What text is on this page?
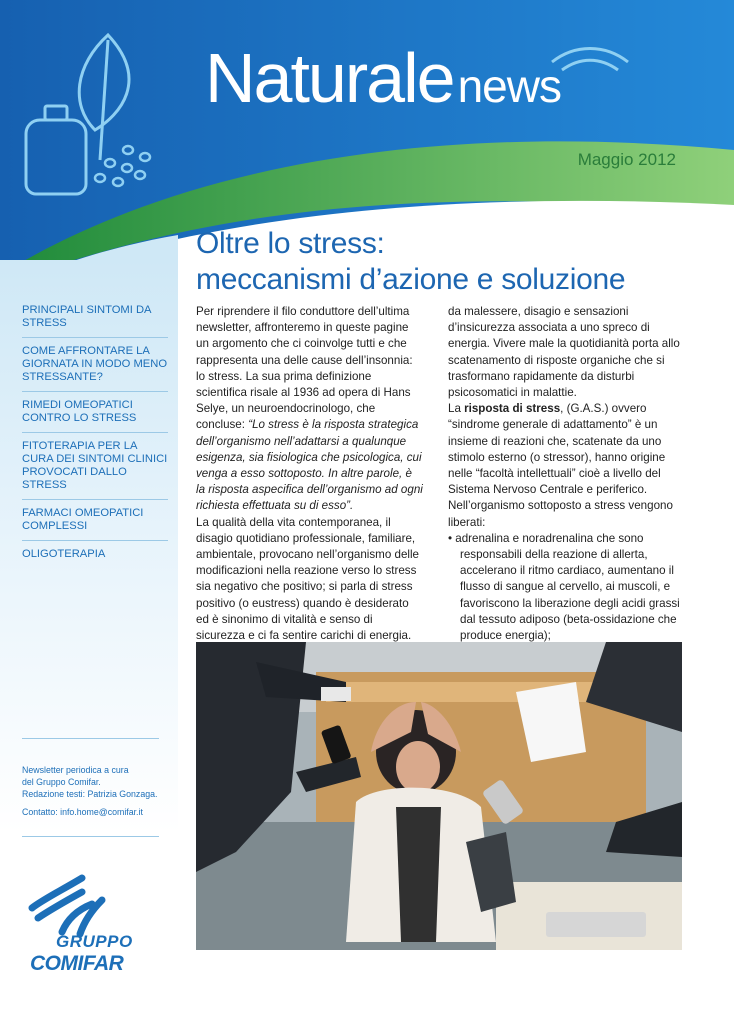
Naturalenews
Maggio 2012
Oltre lo stress:
meccanismi d’azione e soluzione
PRINCIPALI SINTOMI DA STRESS
COME AFFRONTARE LA GIORNATA IN MODO MENO STRESSANTE?
RIMEDI OMEOPATICI CONTRO LO STRESS
FITOTERAPIA PER LA CURA DEI SINTOMI CLINICI PROVOCATI DALLO STRESS
FARMACI OMEOPATICI COMPLESSI
OLIGOTERAPIA

Per riprendere il filo conduttore dell’ultima newsletter, affronteremo in queste pagine un argomento che ci coinvolge tutti e che rappresenta una delle cause dell’insonnia: lo stress. La sua prima definizione scientifica risale al 1936 ad opera di Hans Selye, un neuroendocrinologo, che concluse: “Lo stress è la risposta strategica dell’organismo nell’adattarsi a qualunque esigenza, sia fisiologica che psicologica, cui venga a esso sottoposto. In altre parole, è la risposta aspecifica dell’organismo ad ogni richiesta effettuata su di esso”.

La qualità della vita contemporanea, il disagio quotidiano professionale, familiare, ambientale, provocano nell’organismo delle modificazioni nella reazione verso lo stress sia negativo che positivo; si parla di stress positivo (o eustress) quando è desiderato ed è sinonimo di vitalità e senso di sicurezza e ci fa sentire carichi di energia.

da malessere, disagio e sensazioni d’insicurezza associata a uno spreco di energia. Vivere male la quotidianità porta allo scatenamento di risposte organiche che si trasformano rapidamente da disturbi psicosomatici in malattie.

La risposta di stress, (G.A.S.) ovvero “sindrome generale di adattamento” è un insieme di reazioni che, scatenate da uno stimolo esterno (o stressor), hanno origine nelle “facoltà intellettuali” cioè a livello del Sistema Nervoso Centrale e periferico.

Nell’organismo sottoposto a stress vengono liberati:

• adrenalina e noradrenalina che sono responsabili della reazione di allerta, accelerano il ritmo cardiaco, aumentano il flusso di sangue al cervello, ai muscoli, e favoriscono la liberazione degli acidi grassi dal tessuto adiposo (beta-ossidazione che produce energia);

Newsletter periodica a cura
del Gruppo Comifar.
Redazione testi: Patrizia Gonzaga.
Contatto: info.home@comifar.it
GRUPPO
COMIFAR
